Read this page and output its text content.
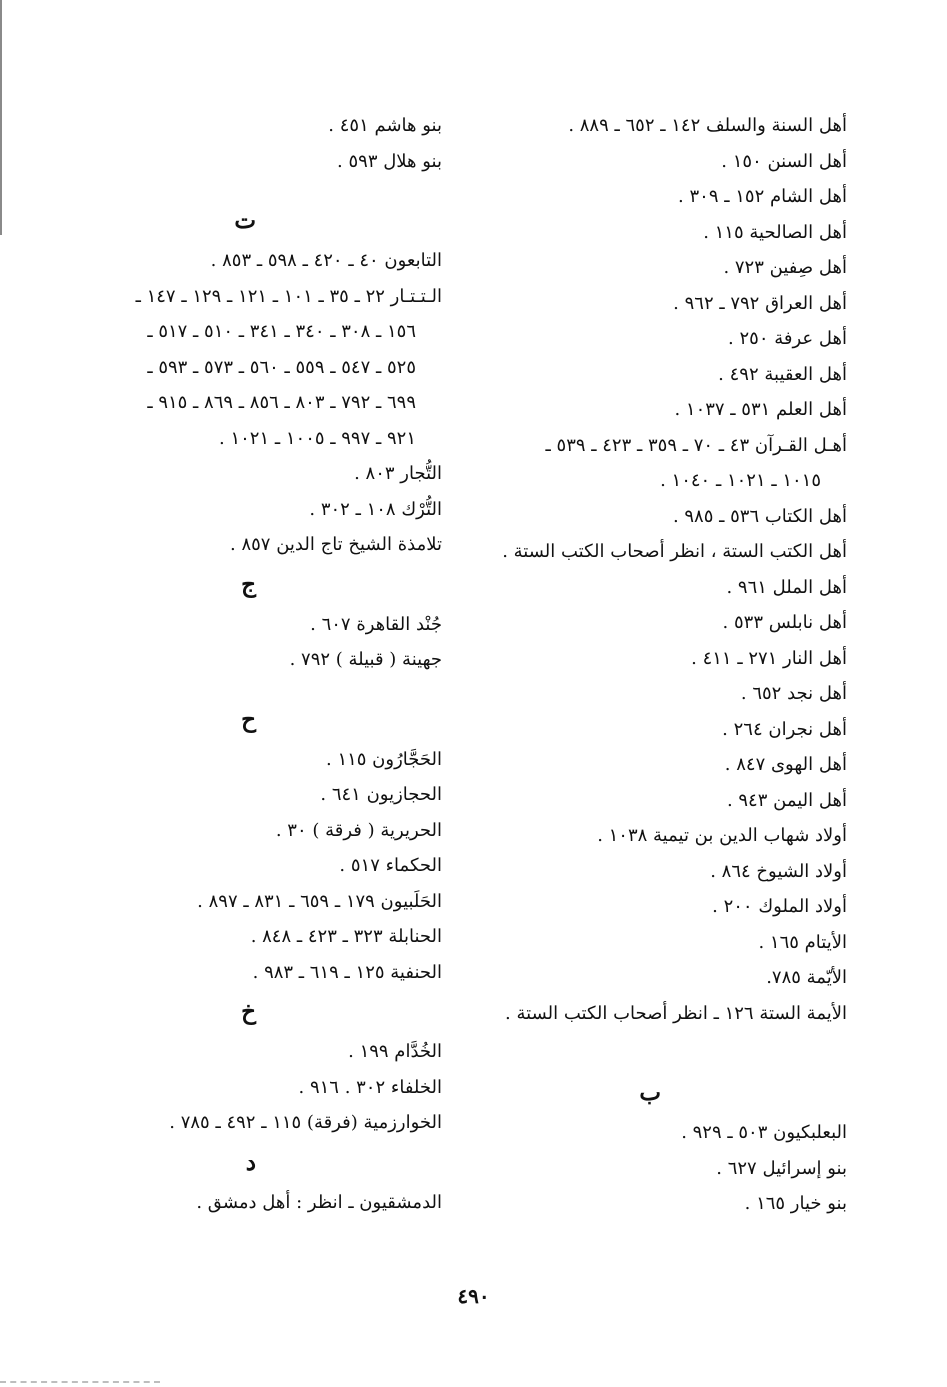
أهل السنة والسلف ١٤٢ ـ ٦٥٢ ـ ٨٨٩ .
أهل السنن ١٥٠ .
أهل الشام ١٥٢ ـ ٣٠٩ .
أهل الصالحية ١١٥ .
أهل صِفين ٧٢٣ .
أهل العراق ٧٩٢ ـ ٩٦٢ .
أهل عرفة ٢٥٠ .
أهل العقيبة ٤٩٢ .
أهل العلم ٥٣١ ـ ١٠٣٧ .
أهـل القـرآن ٤٣ ـ ٧٠ ـ ٣٥٩ ـ ٤٢٣ ـ ٥٣٩ ـ
١٠١٥ ـ ١٠٢١ ـ ١٠٤٠ .
أهل الكتاب ٥٣٦ ـ ٩٨٥ .
أهل الكتب الستة ، انظر أصحاب الكتب الستة .
أهل الملل ٩٦١ .
أهل نابلس ٥٣٣ .
أهل النار ٢٧١ ـ ٤١١ .
أهل نجد ٦٥٢ .
أهل نجران ٢٦٤ .
أهل الهوى ٨٤٧ .
أهل اليمن ٩٤٣ .
أولاد شهاب الدين بن تيمية ١٠٣٨ .
أولاد الشيوخ ٨٦٤ .
أولاد الملوك ٢٠٠ .
الأيتام ١٦٥ .
الأيّمة ٧٨٥.
الأيمة الستة ١٢٦ ـ انظر أصحاب الكتب الستة .
ب
البعلبكيون ٥٠٣ ـ ٩٢٩ .
بنو إسرائيل ٦٢٧ .
بنو خيار ١٦٥ .
بنو هاشم ٤٥١ .
بنو هلال ٥٩٣ .
ت
التابعون ٤٠ ـ ٤٢٠ ـ ٥٩٨ ـ ٨٥٣ .
الـتـتـار ٢٢ ـ ٣٥ ـ ١٠١ ـ ١٢١ ـ ١٢٩ ـ ١٤٧ ـ
١٥٦ ـ ٣٠٨ ـ ٣٤٠ ـ ٣٤١ ـ ٥١٠ ـ ٥١٧ ـ
٥٢٥ ـ ٥٤٧ ـ ٥٥٩ ـ ٥٦٠ ـ ٥٧٣ ـ ٥٩٣ ـ
٦٩٩ ـ ٧٩٢ ـ ٨٠٣ ـ ٨٥٦ ـ ٨٦٩ ـ ٩١٥ ـ
٩٢١ ـ ٩٩٧ ـ ١٠٠٥ ـ ١٠٢١ .
التُّجار ٨٠٣ .
التُّرْك ١٠٨ ـ ٣٠٢ .
تلامذة الشيخ تاج الدين ٨٥٧ .
ج
جُنْد القاهرة ٦٠٧ .
جهينة ( قبيلة ) ٧٩٢ .
ح
الحَجَّارُون ١١٥ .
الحجازيون ٦٤١ .
الحريرية ( فرقة ) ٣٠ .
الحكماء ٥١٧ .
الحَلَبيون ١٧٩ ـ ٦٥٩ ـ ٨٣١ ـ ٨٩٧ .
الحنابلة ٣٢٣ ـ ٤٢٣ ـ ٨٤٨ .
الحنفية ١٢٥ ـ ٦١٩ ـ ٩٨٣ .
خ
الخُدَّام ١٩٩ .
الخلفاء ٣٠٢ . ٩١٦ .
الخوارزمية (فرقة) ١١٥ ـ ٤٩٢ ـ ٧٨٥ .
د
الدمشقيون ـ انظر : أهل دمشق .
٤٩٠
